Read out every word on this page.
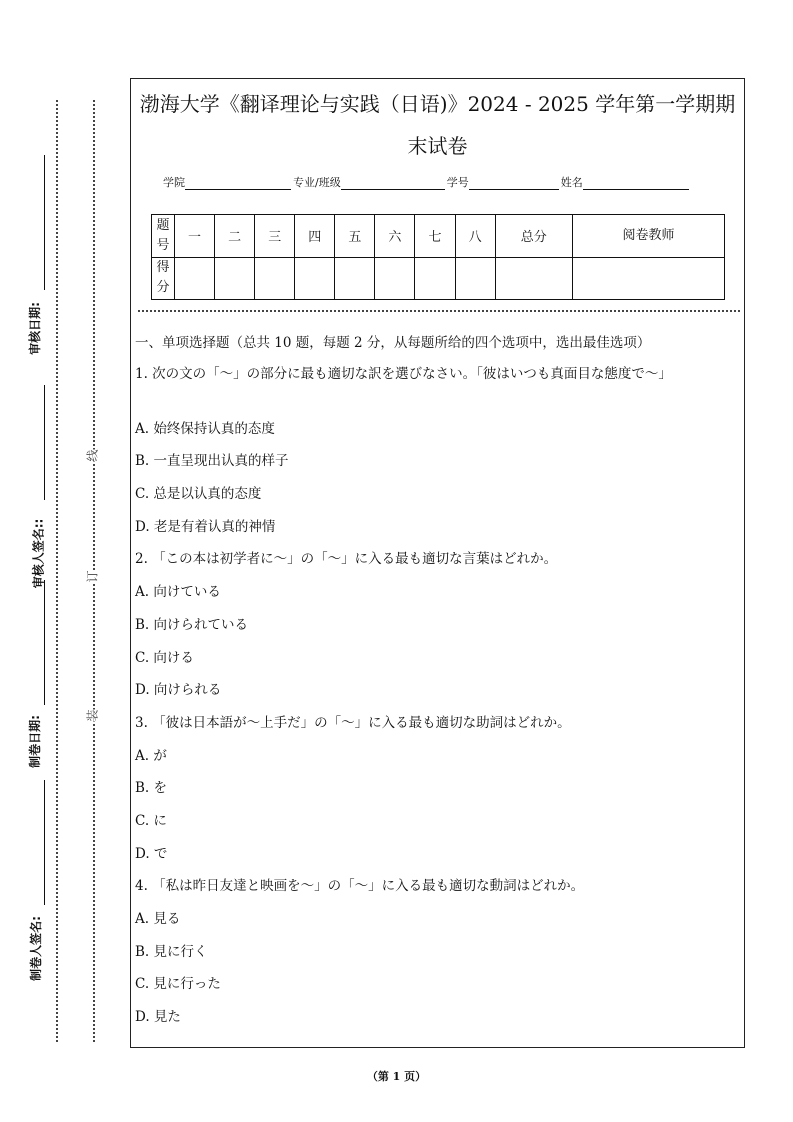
审核日期:
审核人签名::
制卷日期:
制卷人签名:
线
订
装
渤海大学《翻译理论与实践（日语)》2024 - 2025 学年第一学期期
末试卷
学院	专业/班级	学号	姓名
题号	一	二	三	四	五	六	七	八	总分	阅卷教师
得分										
一、单项选择题（总共 10 题，每题 2 分，从每题所给的四个选项中，选出最佳选项）
1. 次の文の「～」の部分に最も適切な訳を選びなさい。「彼はいつも真面目な態度で～」
A. 始终保持认真的态度
B. 一直呈现出认真的样子
C. 总是以认真的态度
D. 老是有着认真的神情
2. 「この本は初学者に～」の「～」に入る最も適切な言葉はどれか。
A. 向けている
B. 向けられている
C. 向ける
D. 向けられる
3. 「彼は日本語が～上手だ」の「～」に入る最も適切な助詞はどれか。
A. が
B. を
C. に
D. で
4. 「私は昨日友達と映画を～」の「～」に入る最も適切な動詞はどれか。
A. 見る
B. 見に行く
C. 見に行った
D. 見た
（第 1 页）
